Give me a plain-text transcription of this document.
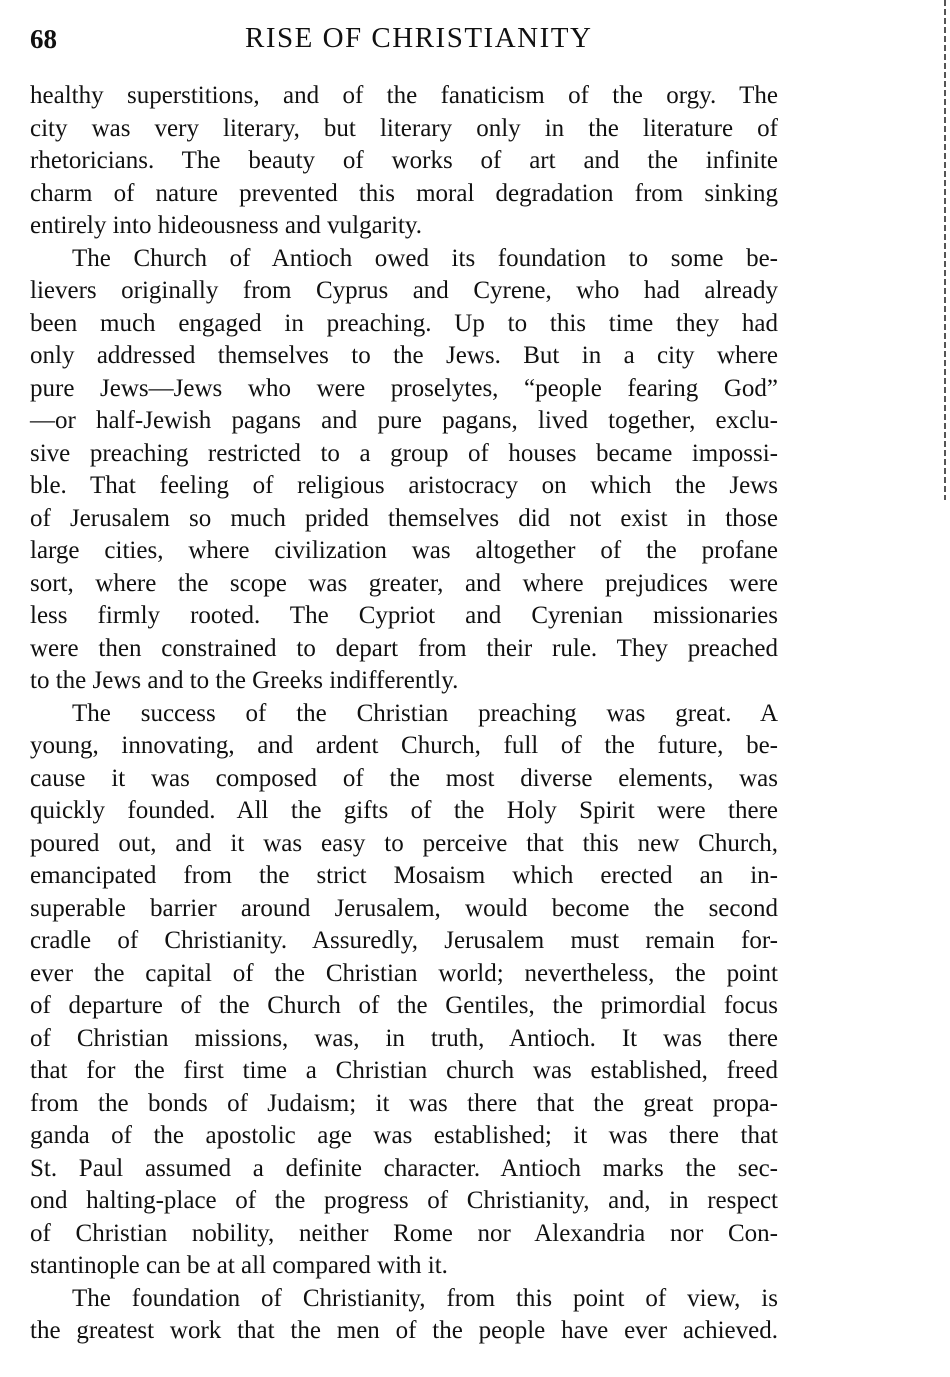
68	RISE OF CHRISTIANITY
healthy superstitions, and of the fanaticism of the orgy. The
city was very literary, but literary only in the literature of
rhetoricians. The beauty of works of art and the infinite
charm of nature prevented this moral degradation from sinking
entirely into hideousness and vulgarity.
The Church of Antioch owed its foundation to some be-
lievers originally from Cyprus and Cyrene, who had already
been much engaged in preaching. Up to this time they had
only addressed themselves to the Jews. But in a city where
pure Jews—Jews who were proselytes, “people fearing God”
—or half-Jewish pagans and pure pagans, lived together, exclu-
sive preaching restricted to a group of houses became impossi-
ble. That feeling of religious aristocracy on which the Jews
of Jerusalem so much prided themselves did not exist in those
large cities, where civilization was altogether of the profane
sort, where the scope was greater, and where prejudices were
less firmly rooted. The Cypriot and Cyrenian missionaries
were then constrained to depart from their rule. They preached
to the Jews and to the Greeks indifferently.
The success of the Christian preaching was great. A
young, innovating, and ardent Church, full of the future, be-
cause it was composed of the most diverse elements, was
quickly founded. All the gifts of the Holy Spirit were there
poured out, and it was easy to perceive that this new Church,
emancipated from the strict Mosaism which erected an in-
superable barrier around Jerusalem, would become the second
cradle of Christianity. Assuredly, Jerusalem must remain for-
ever the capital of the Christian world; nevertheless, the point
of departure of the Church of the Gentiles, the primordial focus
of Christian missions, was, in truth, Antioch. It was there
that for the first time a Christian church was established, freed
from the bonds of Judaism; it was there that the great propa-
ganda of the apostolic age was established; it was there that
St. Paul assumed a definite character. Antioch marks the sec-
ond halting-place of the progress of Christianity, and, in respect
of Christian nobility, neither Rome nor Alexandria nor Con-
stantinople can be at all compared with it.
The foundation of Christianity, from this point of view, is
the greatest work that the men of the people have ever achieved.
